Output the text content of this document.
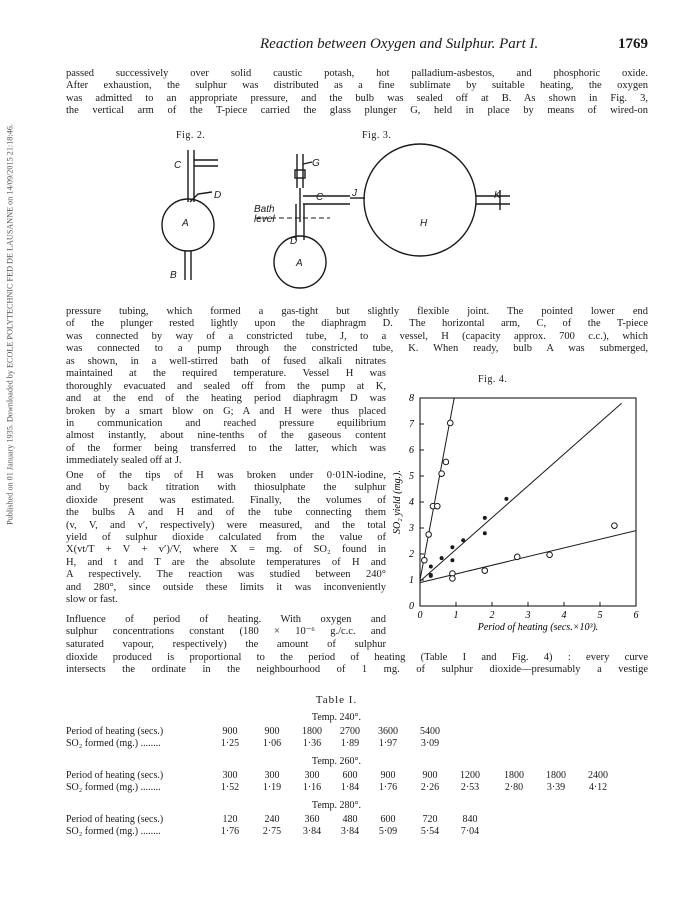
Published on 01 January 1935. Downloaded by ECOLE POLYTECHNIC FED DE LAUSANNE on 14/09/2015 21:18:46.
Reaction between Oxygen and Sulphur. Part I.	1769
passed successively over solid caustic potash, hot palladium-asbestos, and phosphoric oxide.
After exhaustion, the sulphur was distributed as a fine sublimate by suitable heating, the oxygen
was admitted to an appropriate pressure, and the bulb was sealed off at B. As shown in Fig. 3,
the vertical arm of the T-piece carried the glass plunger G, held in place by means of wired-on
Fig. 2.	Fig. 3.
C
D
A
B
G
C	J
H
K
D
A
Bath
level
pressure tubing, which formed a gas-tight but slightly flexible joint. The pointed lower end
of the plunger rested lightly upon the diaphragm D. The horizontal arm, C, of the T-piece
was connected by way of a constricted tube, J, to a vessel, H (capacity approx. 700 c.c.), which
was connected to a pump through the constricted tube, K. When ready, bulb A was submerged,
as shown, in a well-stirred bath of fused alkali nitrates
maintained at the required temperature. Vessel H was
thoroughly evacuated and sealed off from the pump at K,
and at the end of the heating period diaphragm D was
broken by a smart blow on G; A and H were thus placed
in communication and reached pressure equilibrium
almost instantly, about nine-tenths of the gaseous content
of the former being transferred to the latter, which was
immediately sealed off at J.
One of the tips of H was broken under 0·01N-iodine,
and by back titration with thiosulphate the sulphur
dioxide present was estimated. Finally, the volumes of
the bulbs A and H and of the tube connecting them
(v, V, and v′, respectively) were measured, and the total
yield of sulphur dioxide calculated from the value of
X(vt/T + V + v′)/V, where X = mg. of SO₂ found in
H, and t and T are the absolute temperatures of H and
A respectively. The reaction was studied between 240°
and 280°, since outside these limits it was inconveniently
slow or fast.
Influence of period of heating. With oxygen and
sulphur concentrations constant (180 × 10⁻⁶ g./c.c. and
saturated vapour, respectively) the amount of sulphur
Fig. 4.
0	1	2	3	4	5	6
0
1
2
3
4
5
6
7
8
Period of heating (secs.×10³).
SO₂ yield (mg.).
dioxide produced is proportional to the period of heating (Table I and Fig. 4) : every curve
intersects the ordinate in the neighbourhood of 1 mg. of sulphur dioxide—presumably a vestige
Table I.
Temp. 240°.
Period of heating (secs.)	900	900	1800	2700	3600	5400
SO₂ formed (mg.) ........	1·25	1·06	1·36	1·89	1·97	3·09
Temp. 260°.
Period of heating (secs.)	300	300	300	600	900	900	1200	1800	1800	2400
SO₂ formed (mg.) ........	1·52	1·19	1·16	1·84	1·76	2·26	2·53	2·80	3·39	4·12
Temp. 280°.
Period of heating (secs.)	120	240	360	480	600	720	840
SO₂ formed (mg.) ........	1·76	2·75	3·84	3·84	5·09	5·54	7·04
